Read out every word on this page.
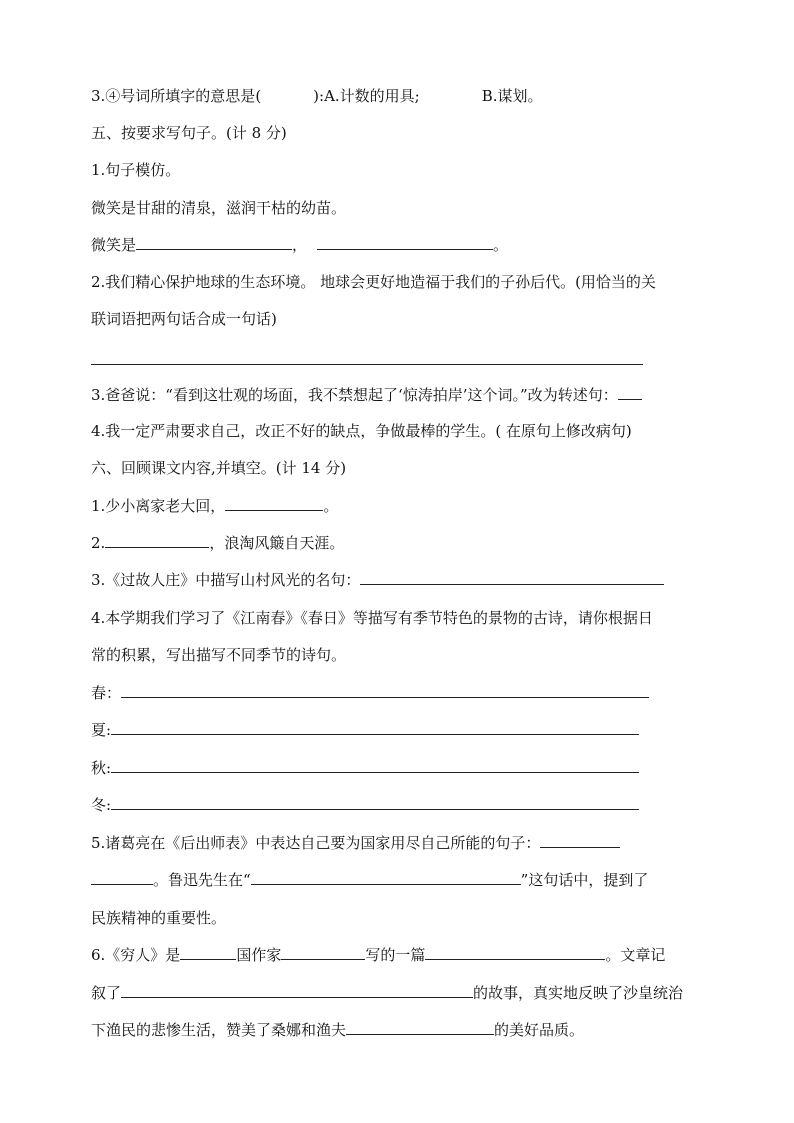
3.④号词所填字的意思是(	):A.计数的用具;	B.谋划。
五、按要求写句子。(计 8 分)
1.句子模仿。
微笑是甘甜的清泉，滋润干枯的幼苗。
微笑是	，	。
2.我们精心保护地球的生态环境。 地球会更好地造福于我们的子孙后代。(用恰当的关
联词语把两句话合成一句话)
3.爸爸说：“看到这壮观的场面，我不禁想起了‘惊涛拍岸’这个词。”改为转述句：
4.我一定严肃要求自己，改正不好的缺点，争做最棒的学生。( 在原句上修改病句)
六、回顾课文内容,并填空。(计 14 分)
1.少小离家老大回，	。
2.	，浪淘风簸自天涯。
3.《过故人庄》中描写山村风光的名句：
4.本学期我们学习了《江南春》《春日》等描写有季节特色的景物的古诗，请你根据日
常的积累，写出描写不同季节的诗句。
春：
夏:
秋:
冬:
5.诸葛亮在《后出师表》中表达自己要为国家用尽自己所能的句子：
。鲁迅先生在“	”这句话中，提到了
民族精神的重要性。
6.《穷人》是	国作家	写的一篇	。文章记
叙了	的故事，真实地反映了沙皇统治
下渔民的悲惨生活，赞美了桑娜和渔夫	的美好品质。
